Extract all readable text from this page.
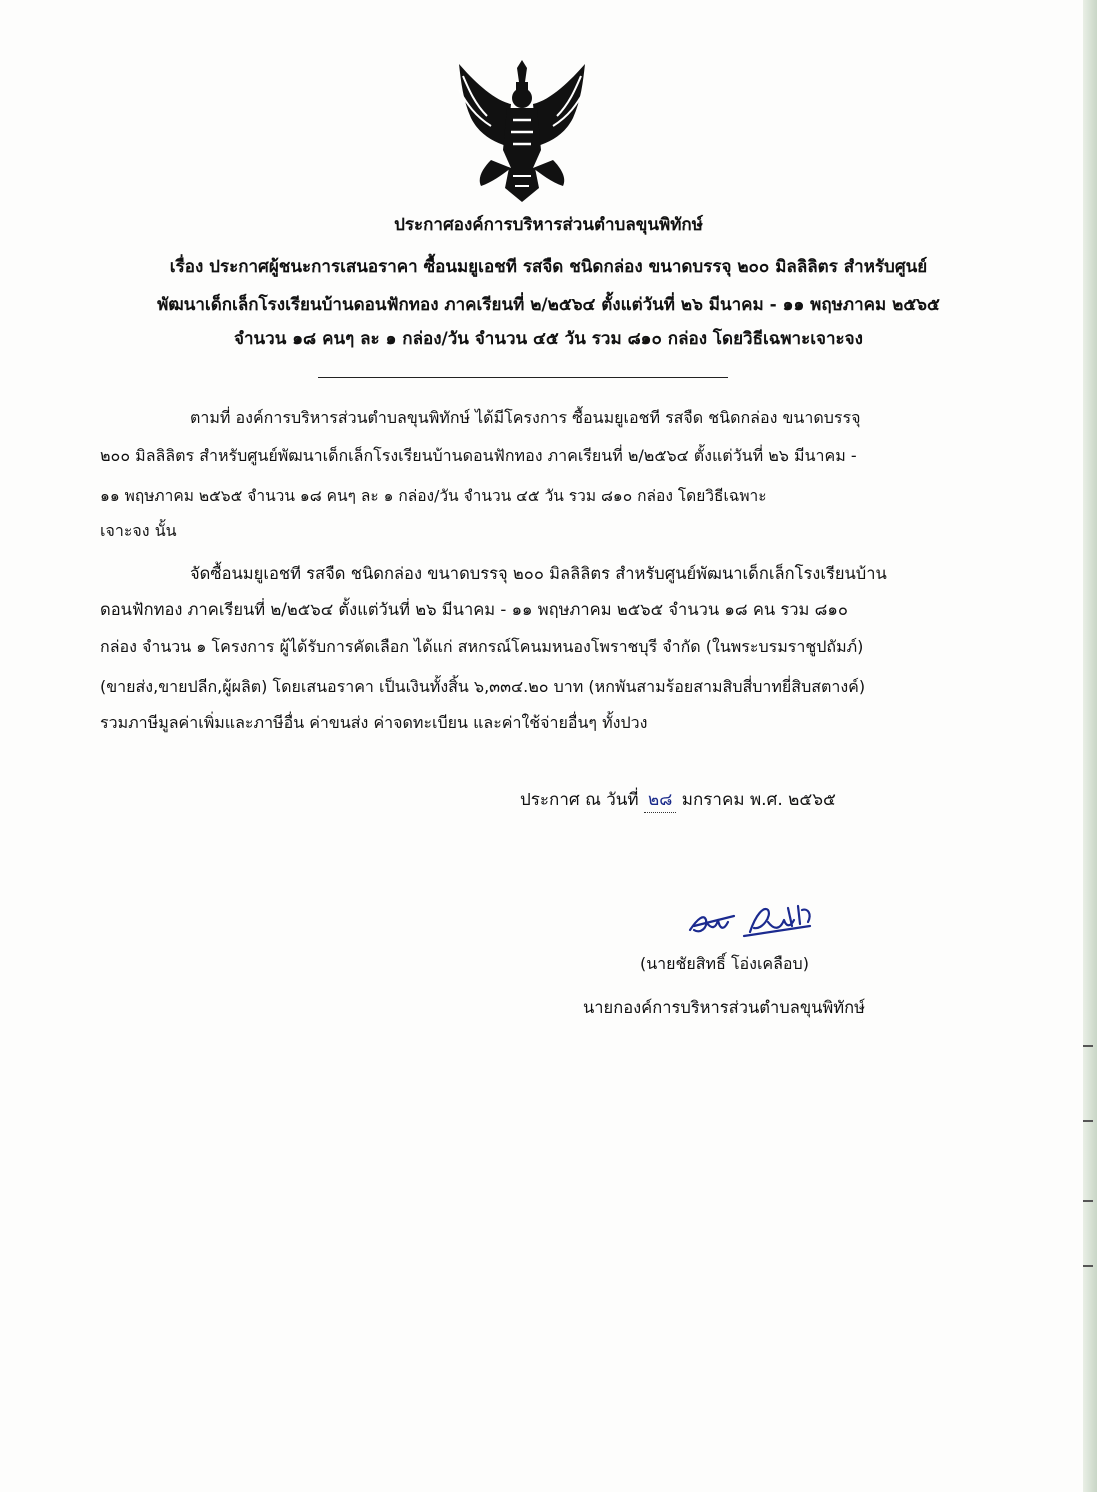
ประกาศองค์การบริหารส่วนตำบลขุนพิทักษ์
เรื่อง ประกาศผู้ชนะการเสนอราคา ซื้อนมยูเอชที รสจืด ชนิดกล่อง ขนาดบรรจุ ๒๐๐ มิลลิลิตร สำหรับศูนย์
พัฒนาเด็กเล็กโรงเรียนบ้านดอนฟักทอง ภาคเรียนที่ ๒/๒๕๖๔ ตั้งแต่วันที่ ๒๖ มีนาคม - ๑๑ พฤษภาคม ๒๕๖๕
จำนวน ๑๘ คนๆ ละ ๑ กล่อง/วัน จำนวน ๔๕ วัน รวม ๘๑๐ กล่อง โดยวิธีเฉพาะเจาะจง
ตามที่ องค์การบริหารส่วนตำบลขุนพิทักษ์ ได้มีโครงการ ซื้อนมยูเอชที รสจืด ชนิดกล่อง ขนาดบรรจุ
๒๐๐ มิลลิลิตร สำหรับศูนย์พัฒนาเด็กเล็กโรงเรียนบ้านดอนฟักทอง ภาคเรียนที่ ๒/๒๕๖๔ ตั้งแต่วันที่ ๒๖ มีนาคม -
๑๑ พฤษภาคม ๒๕๖๕ จำนวน ๑๘ คนๆ ละ ๑ กล่อง/วัน จำนวน ๔๕ วัน รวม ๘๑๐ กล่อง โดยวิธีเฉพาะ
เจาะจง นั้น
จัดซื้อนมยูเอชที รสจืด ชนิดกล่อง ขนาดบรรจุ ๒๐๐ มิลลิลิตร สำหรับศูนย์พัฒนาเด็กเล็กโรงเรียนบ้าน
ดอนฟักทอง ภาคเรียนที่ ๒/๒๕๖๔ ตั้งแต่วันที่ ๒๖ มีนาคม - ๑๑ พฤษภาคม ๒๕๖๕ จำนวน ๑๘ คน รวม ๘๑๐
กล่อง จำนวน ๑ โครงการ ผู้ได้รับการคัดเลือก ได้แก่ สหกรณ์โคนมหนองโพราชบุรี จำกัด (ในพระบรมราชูปถัมภ์)
(ขายส่ง,ขายปลีก,ผู้ผลิต) โดยเสนอราคา เป็นเงินทั้งสิ้น ๖,๓๓๔.๒๐ บาท (หกพันสามร้อยสามสิบสี่บาทยี่สิบสตางค์)
รวมภาษีมูลค่าเพิ่มและภาษีอื่น ค่าขนส่ง ค่าจดทะเบียน และค่าใช้จ่ายอื่นๆ ทั้งปวง
ประกาศ ณ วันที่ ๒๘ มกราคม พ.ศ. ๒๕๖๕
(นายชัยสิทธิ์ โอ่งเคลือบ)
นายกองค์การบริหารส่วนตำบลขุนพิทักษ์
